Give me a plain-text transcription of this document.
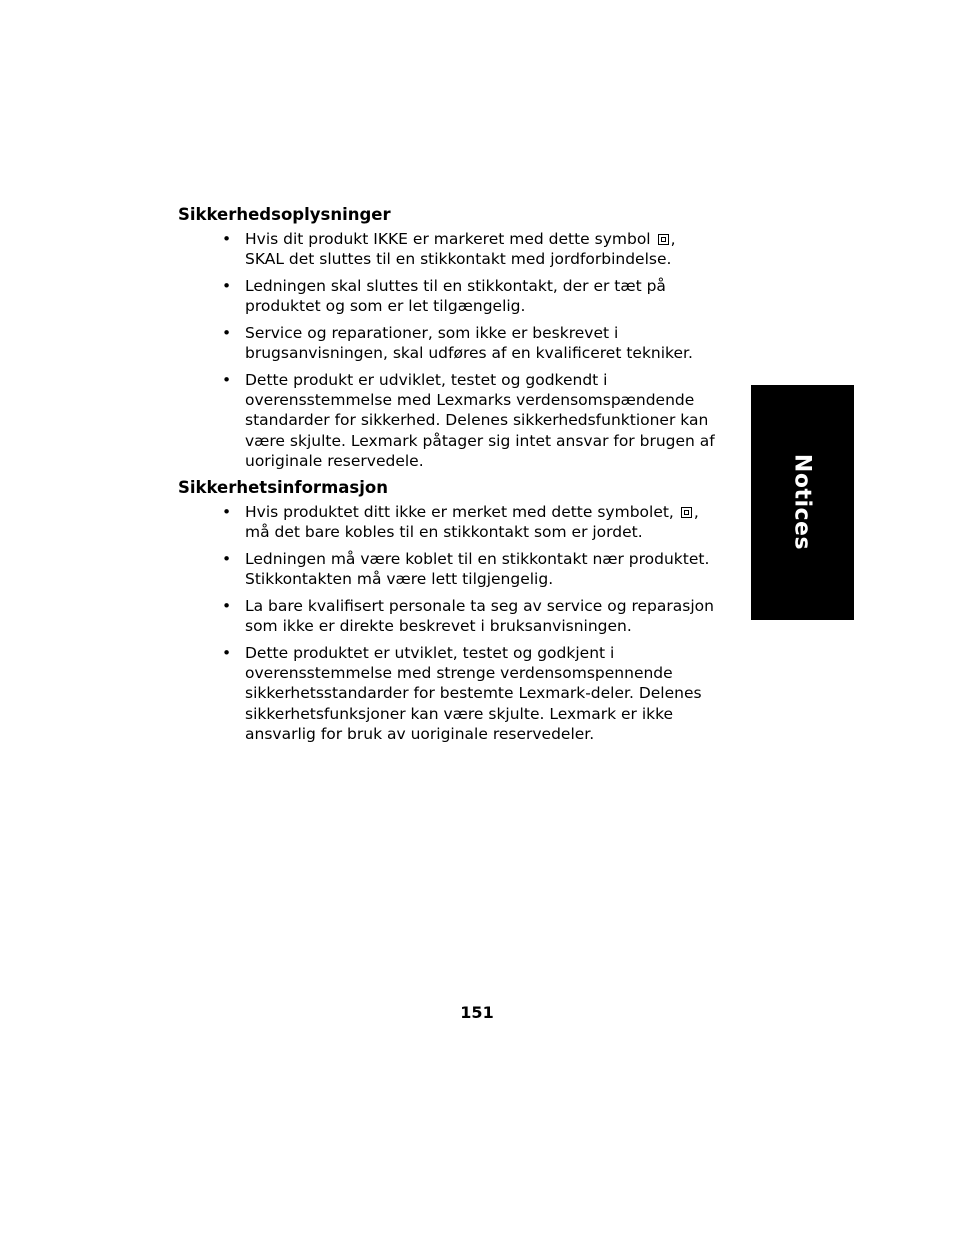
Sikkerhedsoplysninger
• Hvis dit produkt IKKE er markeret med dette symbol , SKAL det sluttes til en stikkontakt med jordforbindelse.
• Ledningen skal sluttes til en stikkontakt, der er tæt på produktet og som er let tilgængelig.
• Service og reparationer, som ikke er beskrevet i brugsanvisningen, skal udføres af en kvalificeret tekniker.
• Dette produkt er udviklet, testet og godkendt i overensstemmelse med Lexmarks verdensomspændende standarder for sikkerhed. Delenes sikkerhedsfunktioner kan være skjulte. Lexmark påtager sig intet ansvar for brugen af uoriginale reservedele.
Sikkerhetsinformasjon
• Hvis produktet ditt ikke er merket med dette symbolet, , må det bare kobles til en stikkontakt som er jordet.
• Ledningen må være koblet til en stikkontakt nær produktet. Stikkontakten må være lett tilgjengelig.
• La bare kvalifisert personale ta seg av service og reparasjon som ikke er direkte beskrevet i bruksanvisningen.
• Dette produktet er utviklet, testet og godkjent i overensstemmelse med strenge verdensomspennende sikkerhetsstandarder for bestemte Lexmark-deler. Delenes sikkerhetsfunksjoner kan være skjulte. Lexmark er ikke ansvarlig for bruk av uoriginale reservedeler.
Notices
151
